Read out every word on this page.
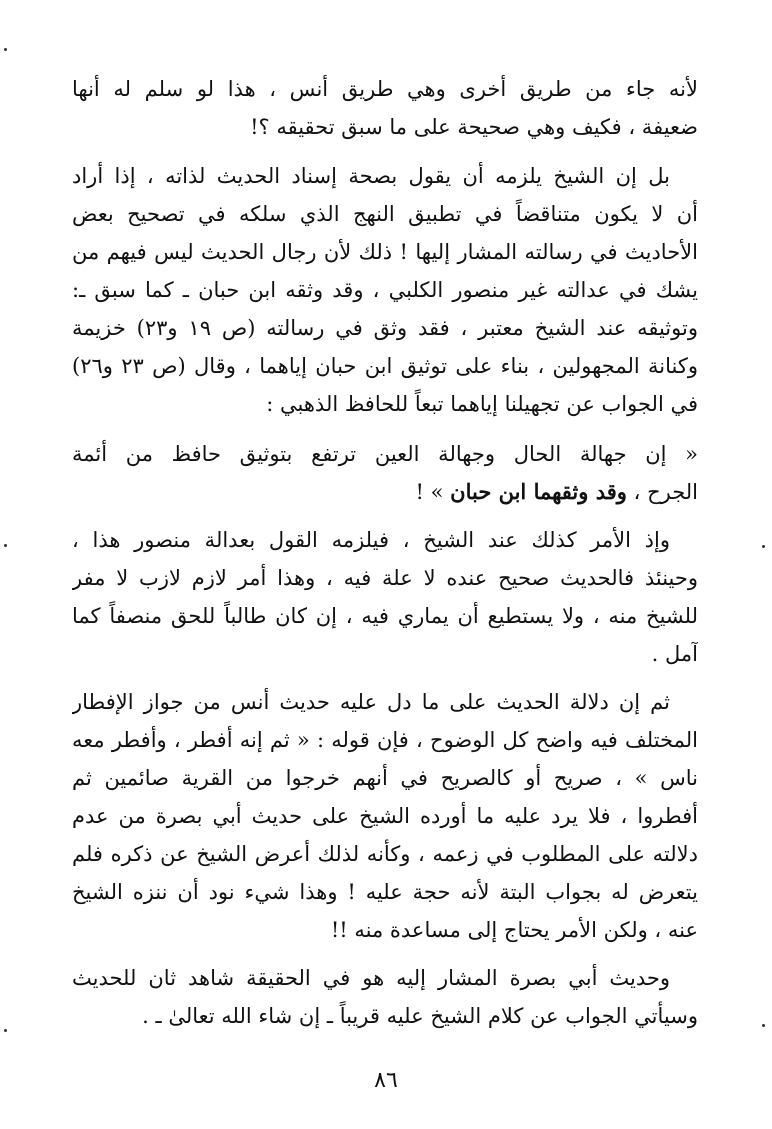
لأنه جاء من طريق أخرى وهي طريق أنس ، هذا لو سلم له أنها
ضعيفة ، فكيف وهي صحيحة على ما سبق تحقيقه ؟!
بل إن الشيخ يلزمه أن يقول بصحة إسناد الحديث لذاته ، إذا أراد
أن لا يكون متناقضاً في تطبيق النهج الذي سلكه في تصحيح بعض
الأحاديث في رسالته المشار إليها ! ذلك لأن رجال الحديث ليس فيهم من
يشك في عدالته غير منصور الكلبي ، وقد وثقه ابن حبان ـ كما سبق ـ:
وتوثيقه عند الشيخ معتبر ، فقد وثق في رسالته (ص ١٩ و٢٣) خزيمة
وكنانة المجهولين ، بناء على توثيق ابن حبان إياهما ، وقال (ص ٢٣ و٢٦)
في الجواب عن تجهيلنا إياهما تبعاً للحافظ الذهبي :
« إن جهالة الحال وجهالة العين ترتفع بتوثيق حافظ من أئمة
الجرح ، وقد وثقهما ابن حبان » !
وإذ الأمر كذلك عند الشيخ ، فيلزمه القول بعدالة منصور هذا ،
وحينئذ فالحديث صحيح عنده لا علة فيه ، وهذا أمر لازم لازب لا مفر
للشيخ منه ، ولا يستطيع أن يماري فيه ، إن كان طالباً للحق منصفاً كما
آمل .
ثم إن دلالة الحديث على ما دل عليه حديث أنس من جواز الإفطار
المختلف فيه واضح كل الوضوح ، فإن قوله : « ثم إنه أفطر ، وأفطر معه
ناس » ، صريح أو كالصريح في أنهم خرجوا من القرية صائمين ثم
أفطروا ، فلا يرد عليه ما أورده الشيخ على حديث أبي بصرة من عدم
دلالته على المطلوب في زعمه ، وكأنه لذلك أعرض الشيخ عن ذكره فلم
يتعرض له بجواب البتة لأنه حجة عليه ! وهذا شيء نود أن ننزه الشيخ
عنه ، ولكن الأمر يحتاج إلى مساعدة منه !!
وحديث أبي بصرة المشار إليه هو في الحقيقة شاهد ثان للحديث
وسيأتي الجواب عن كلام الشيخ عليه قريباً ـ إن شاء الله تعالىٰ ـ .
٨٦
